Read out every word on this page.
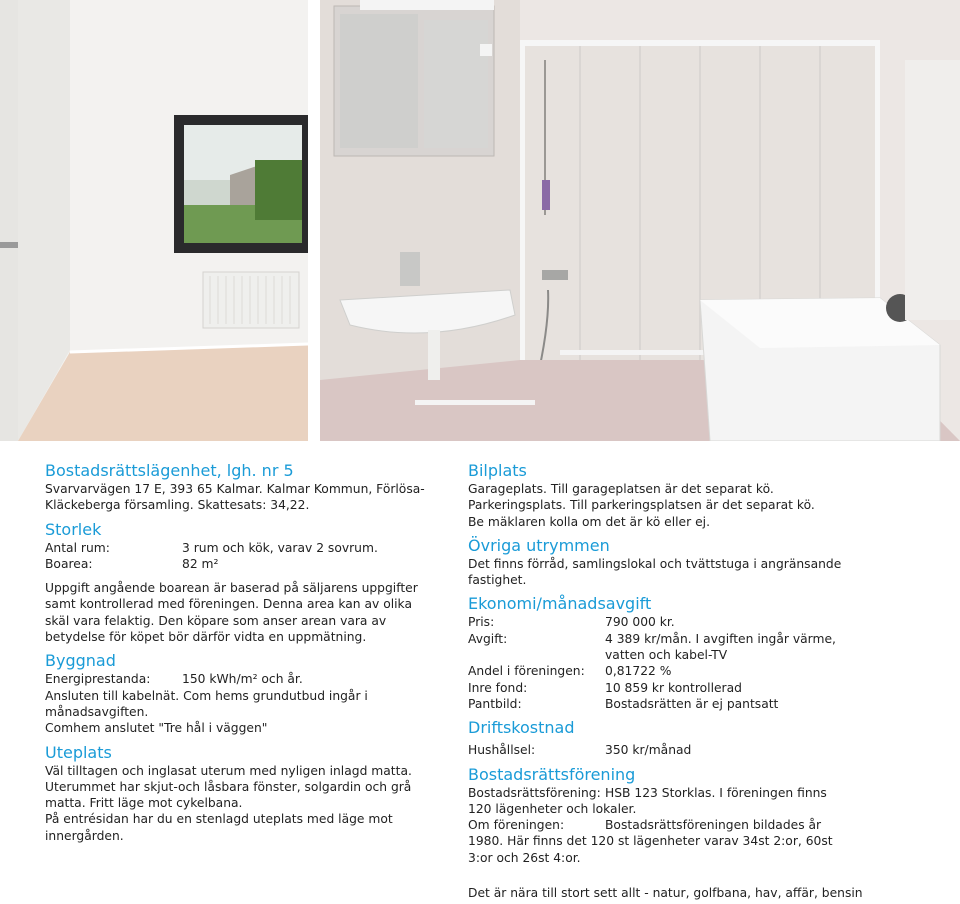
Bostadsrättslägenhet, lgh. nr 5

Svarvarvägen 17 E, 393 65 Kalmar. Kalmar Kommun, Förlösa-Kläckeberga församling. Skattesats: 34,22.

Storlek
Antal rum:	3 rum och kök, varav 2 sovrum.
Boarea:	82 m²

Uppgift angående boarean är baserad på säljarens uppgifter samt kontrollerad med föreningen. Denna area kan av olika skäl vara felaktig. Den köpare som anser arean vara av betydelse för köpet bör därför vidta en uppmätning.

Byggnad
Energiprestanda:	150 kWh/m² och år.

Ansluten till kabelnät. Com hems grundutbud ingår i månadsavgiften.

Comhem anslutet "Tre hål i väggen"

Uteplats

Väl tilltagen och inglasat uterum med nyligen inlagd matta. Uterummet har skjut-och låsbara fönster, solgardin och grå matta. Fritt läge mot cykelbana.

På entrésidan har du en stenlagd uteplats med läge mot innergården.

Bilplats

Garageplats. Till garageplatsen är det separat kö.

Parkeringsplats. Till parkeringsplatsen är det separat kö.

Be mäklaren kolla om det är kö eller ej.

Övriga utrymmen

Det finns förråd, samlingslokal och tvättstuga i angränsande fastighet.

Ekonomi/månadsavgift
Pris:	790 000 kr.
Avgift:	4 389 kr/mån. I avgiften ingår värme, vatten och kabel-TV
Andel i föreningen:	0,81722 %
Inre fond:	10 859 kr kontrollerad
Pantbild:	Bostadsrätten är ej pantsatt
Driftskostnad
Hushållsel:	350 kr/månad
Bostadsrättsförening

Bostadsrättsförening: HSB 123 Storklas. I föreningen finns 120 lägenheter och lokaler.

Om föreningen:	Bostadsrättsföreningen bildades år 1980. Här finns det 120 st lägenheter varav 34st 2:or, 60st 3:or och 26st 4:or.

Det är nära till stort sett allt - natur, golfbana, hav, affär, bensin
